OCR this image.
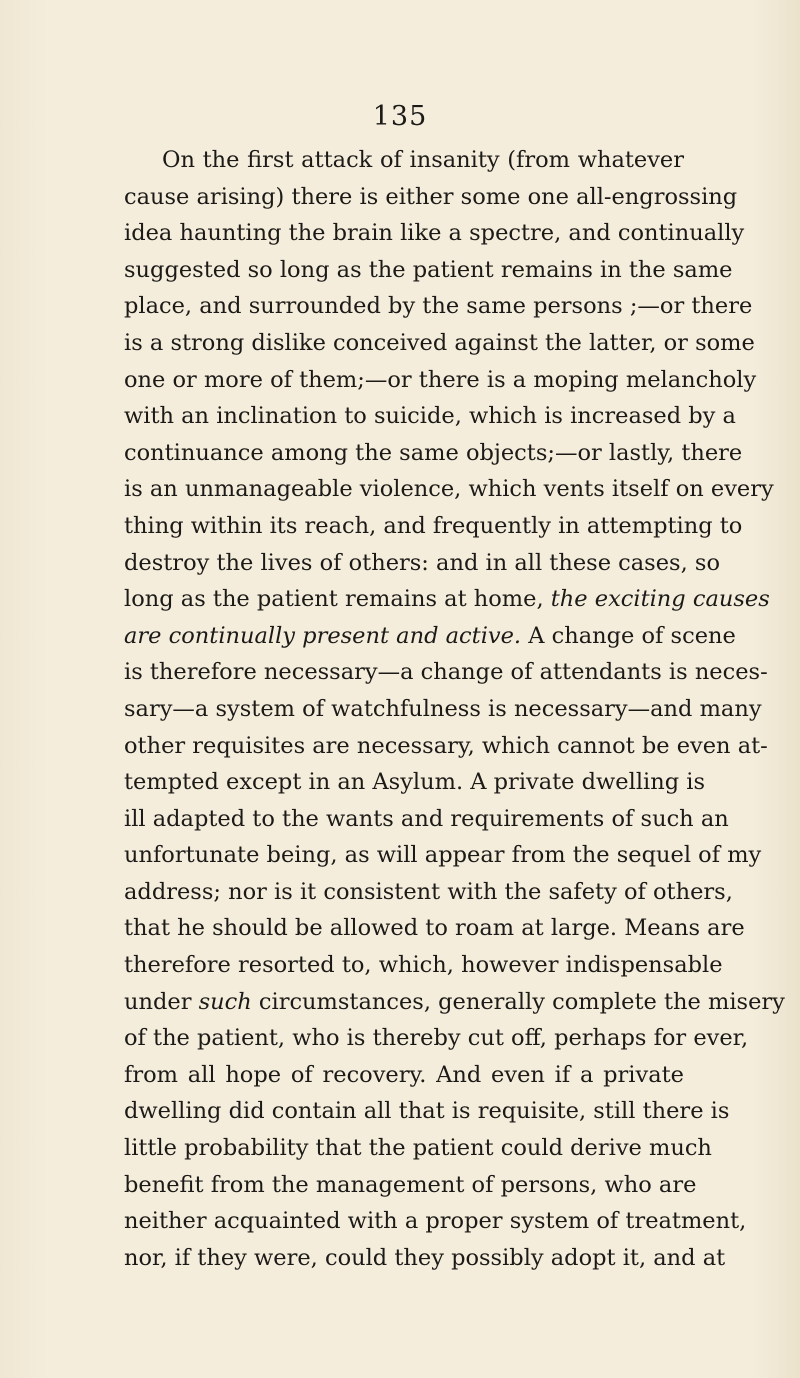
135
On the first attack of insanity (from whatever
cause arising) there is either some one all-engrossing
idea haunting the brain like a spectre, and continually
suggested so long as the patient remains in the same
place, and surrounded by the same persons ;—or there
is a strong dislike conceived against the latter, or some
one or more of them;—or there is a moping melancholy
with an inclination to suicide, which is increased by a
continuance among the same objects;—or lastly, there
is an unmanageable violence, which vents itself on every
thing within its reach, and frequently in attempting to
destroy the lives of others: and in all these cases, so
long as the patient remains at home, the exciting causes
are continually present and active. A change of scene
is therefore necessary—a change of attendants is neces-
sary—a system of watchfulness is necessary—and many
other requisites are necessary, which cannot be even at-
tempted except in an Asylum. A private dwelling is
ill adapted to the wants and requirements of such an
unfortunate being, as will appear from the sequel of my
address; nor is it consistent with the safety of others,
that he should be allowed to roam at large. Means are
therefore resorted to, which, however indispensable
under such circumstances, generally complete the misery
of the patient, who is thereby cut off, perhaps for ever,
from all hope of recovery. And even if a private
dwelling did contain all that is requisite, still there is
little probability that the patient could derive much
benefit from the management of persons, who are
neither acquainted with a proper system of treatment,
nor, if they were, could they possibly adopt it, and at
